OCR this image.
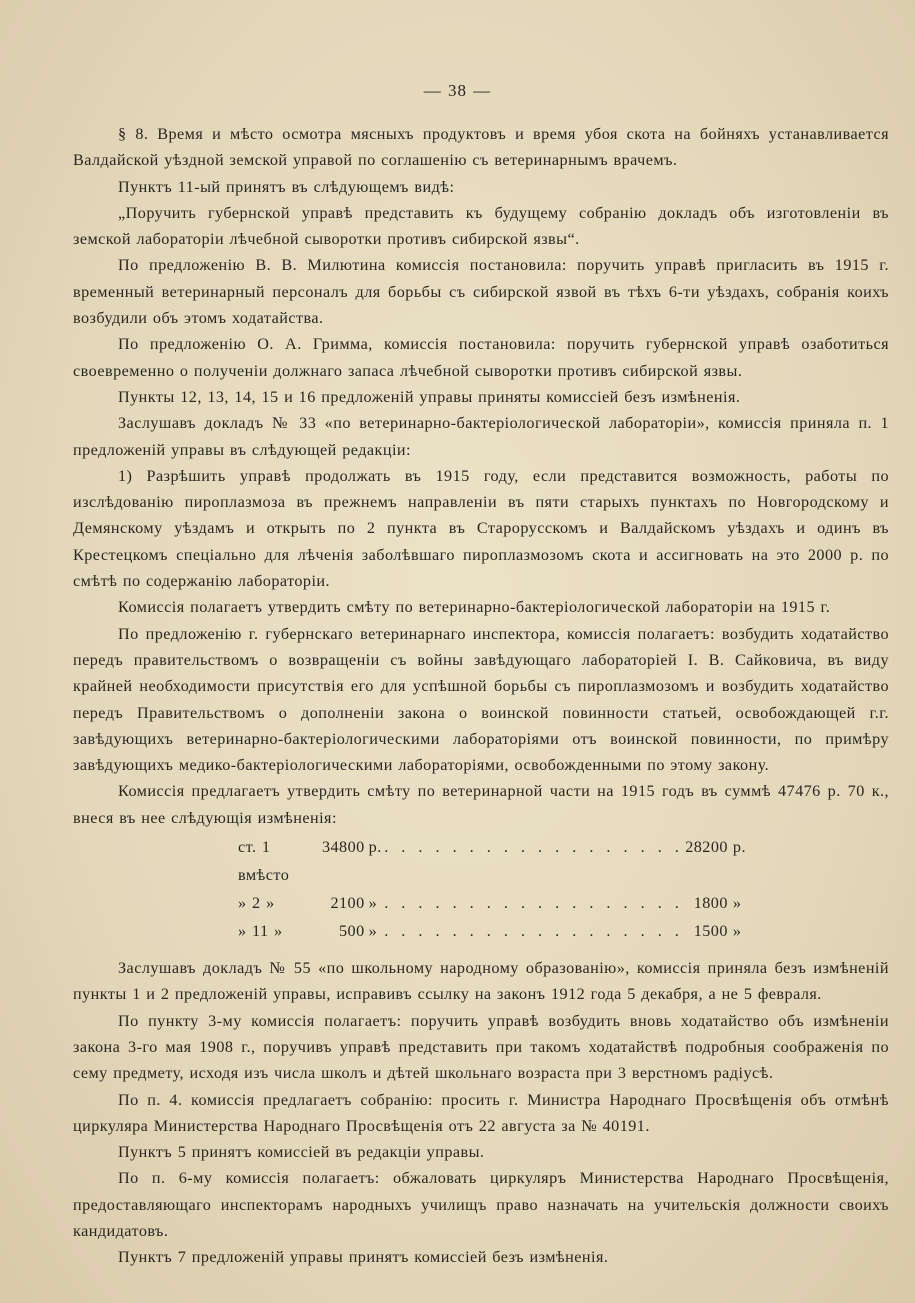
— 38 —

§ 8. Время и мѣсто осмотра мясныхъ продуктовъ и время убоя скота на бойняхъ устанавливается Валдайской уѣздной земской управой по соглашенію съ ветеринарнымъ врачемъ.

Пунктъ 11-ый принятъ въ слѣдующемъ видѣ:

„Поручить губернской управѣ представить къ будущему собранію докладъ объ изготовленіи въ земской лабораторіи лѣчебной сыворотки противъ сибирской язвы“.

По предложенію В. В. Милютина комиссія постановила: поручить управѣ пригласить въ 1915 г. временный ветеринарный персоналъ для борьбы съ сибирской язвой въ тѣхъ 6-ти уѣздахъ, собранія коихъ возбудили объ этомъ ходатайства.

По предложенію О. А. Гримма, комиссія постановила: поручить губернской управѣ озаботиться своевременно о полученіи должнаго запаса лѣчебной сыворотки противъ сибирской язвы.

Пункты 12, 13, 14, 15 и 16 предложеній управы приняты комиссіей безъ измѣненія.

Заслушавъ докладъ № 33 «по ветеринарно-бактеріологической лабораторіи», комиссія приняла п. 1 предложеній управы въ слѣдующей редакціи:

1) Разрѣшить управѣ продолжать въ 1915 году, если представится возможность, работы по изслѣдованію пироплазмоза въ прежнемъ направленіи въ пяти старыхъ пунктахъ по Новгородскому и Демянскому уѣздамъ и открыть по 2 пункта въ Старорусскомъ и Валдайскомъ уѣздахъ и одинъ въ Крестецкомъ спеціально для лѣченія заболѣвшаго пироплазмозомъ скота и ассигновать на это 2000 р. по смѣтѣ по содержанію лабораторіи.

Комиссія полагаетъ утвердить смѣту по ветеринарно-бактеріологической лабораторіи на 1915 г.

По предложенію г. губернскаго ветеринарнаго инспектора, комиссія полагаетъ: возбудить ходатайство передъ правительствомъ о возвращеніи съ войны завѣдующаго лабораторіей I. В. Сайковича, въ виду крайней необходимости присутствія его для успѣшной борьбы съ пироплазмозомъ и возбудить ходатайство передъ Правительствомъ о дополненіи закона о воинской повинности статьей, освобождающей г.г. завѣдующихъ ветеринарно-бактеріологическими лабораторіями отъ воинской повинности, по примѣру завѣдующихъ медико-бактеріологическими лабораторіями, освобожденными по этому закону.

Комиссія предлагаетъ утвердить смѣту по ветеринарной части на 1915 годъ въ суммѣ 47476 р. 70 к., внеся въ нее слѣдующія измѣненія:

ст. 1 вмѣсто
34800 р. . . . . . . . . . . . . . . . . . . 28200 р.
» 2 »	2100 » . . . . . . . . . . . . . . . . . . 1800 »
» 11 »	500 » . . . . . . . . . . . . . . . . . . 1500 »

Заслушавъ докладъ № 55 «по школьному народному образованію», комиссія приняла безъ измѣненій пункты 1 и 2 предложеній управы, исправивъ ссылку на законъ 1912 года 5 декабря, а не 5 февраля.

По пункту 3-му комиссія полагаетъ: поручить управѣ возбудить вновь ходатайство объ измѣненіи закона 3-го мая 1908 г., поручивъ управѣ представить при такомъ ходатайствѣ подробныя соображенія по сему предмету, исходя изъ числа школъ и дѣтей школьнаго возраста при 3 верстномъ радіусѣ.

По п. 4. комиссія предлагаетъ собранію: просить г. Министра Народнаго Просвѣщенія объ отмѣнѣ циркуляра Министерства Народнаго Просвѣщенія отъ 22 августа за № 40191.

Пунктъ 5 принятъ комиссіей въ редакціи управы.

По п. 6-му комиссія полагаетъ: обжаловать циркуляръ Министерства Народнаго Просвѣщенія, предоставляющаго инспекторамъ народныхъ училищъ право назначать на учительскія должности своихъ кандидатовъ.

Пунктъ 7 предложеній управы принятъ комиссіей безъ измѣненія.
